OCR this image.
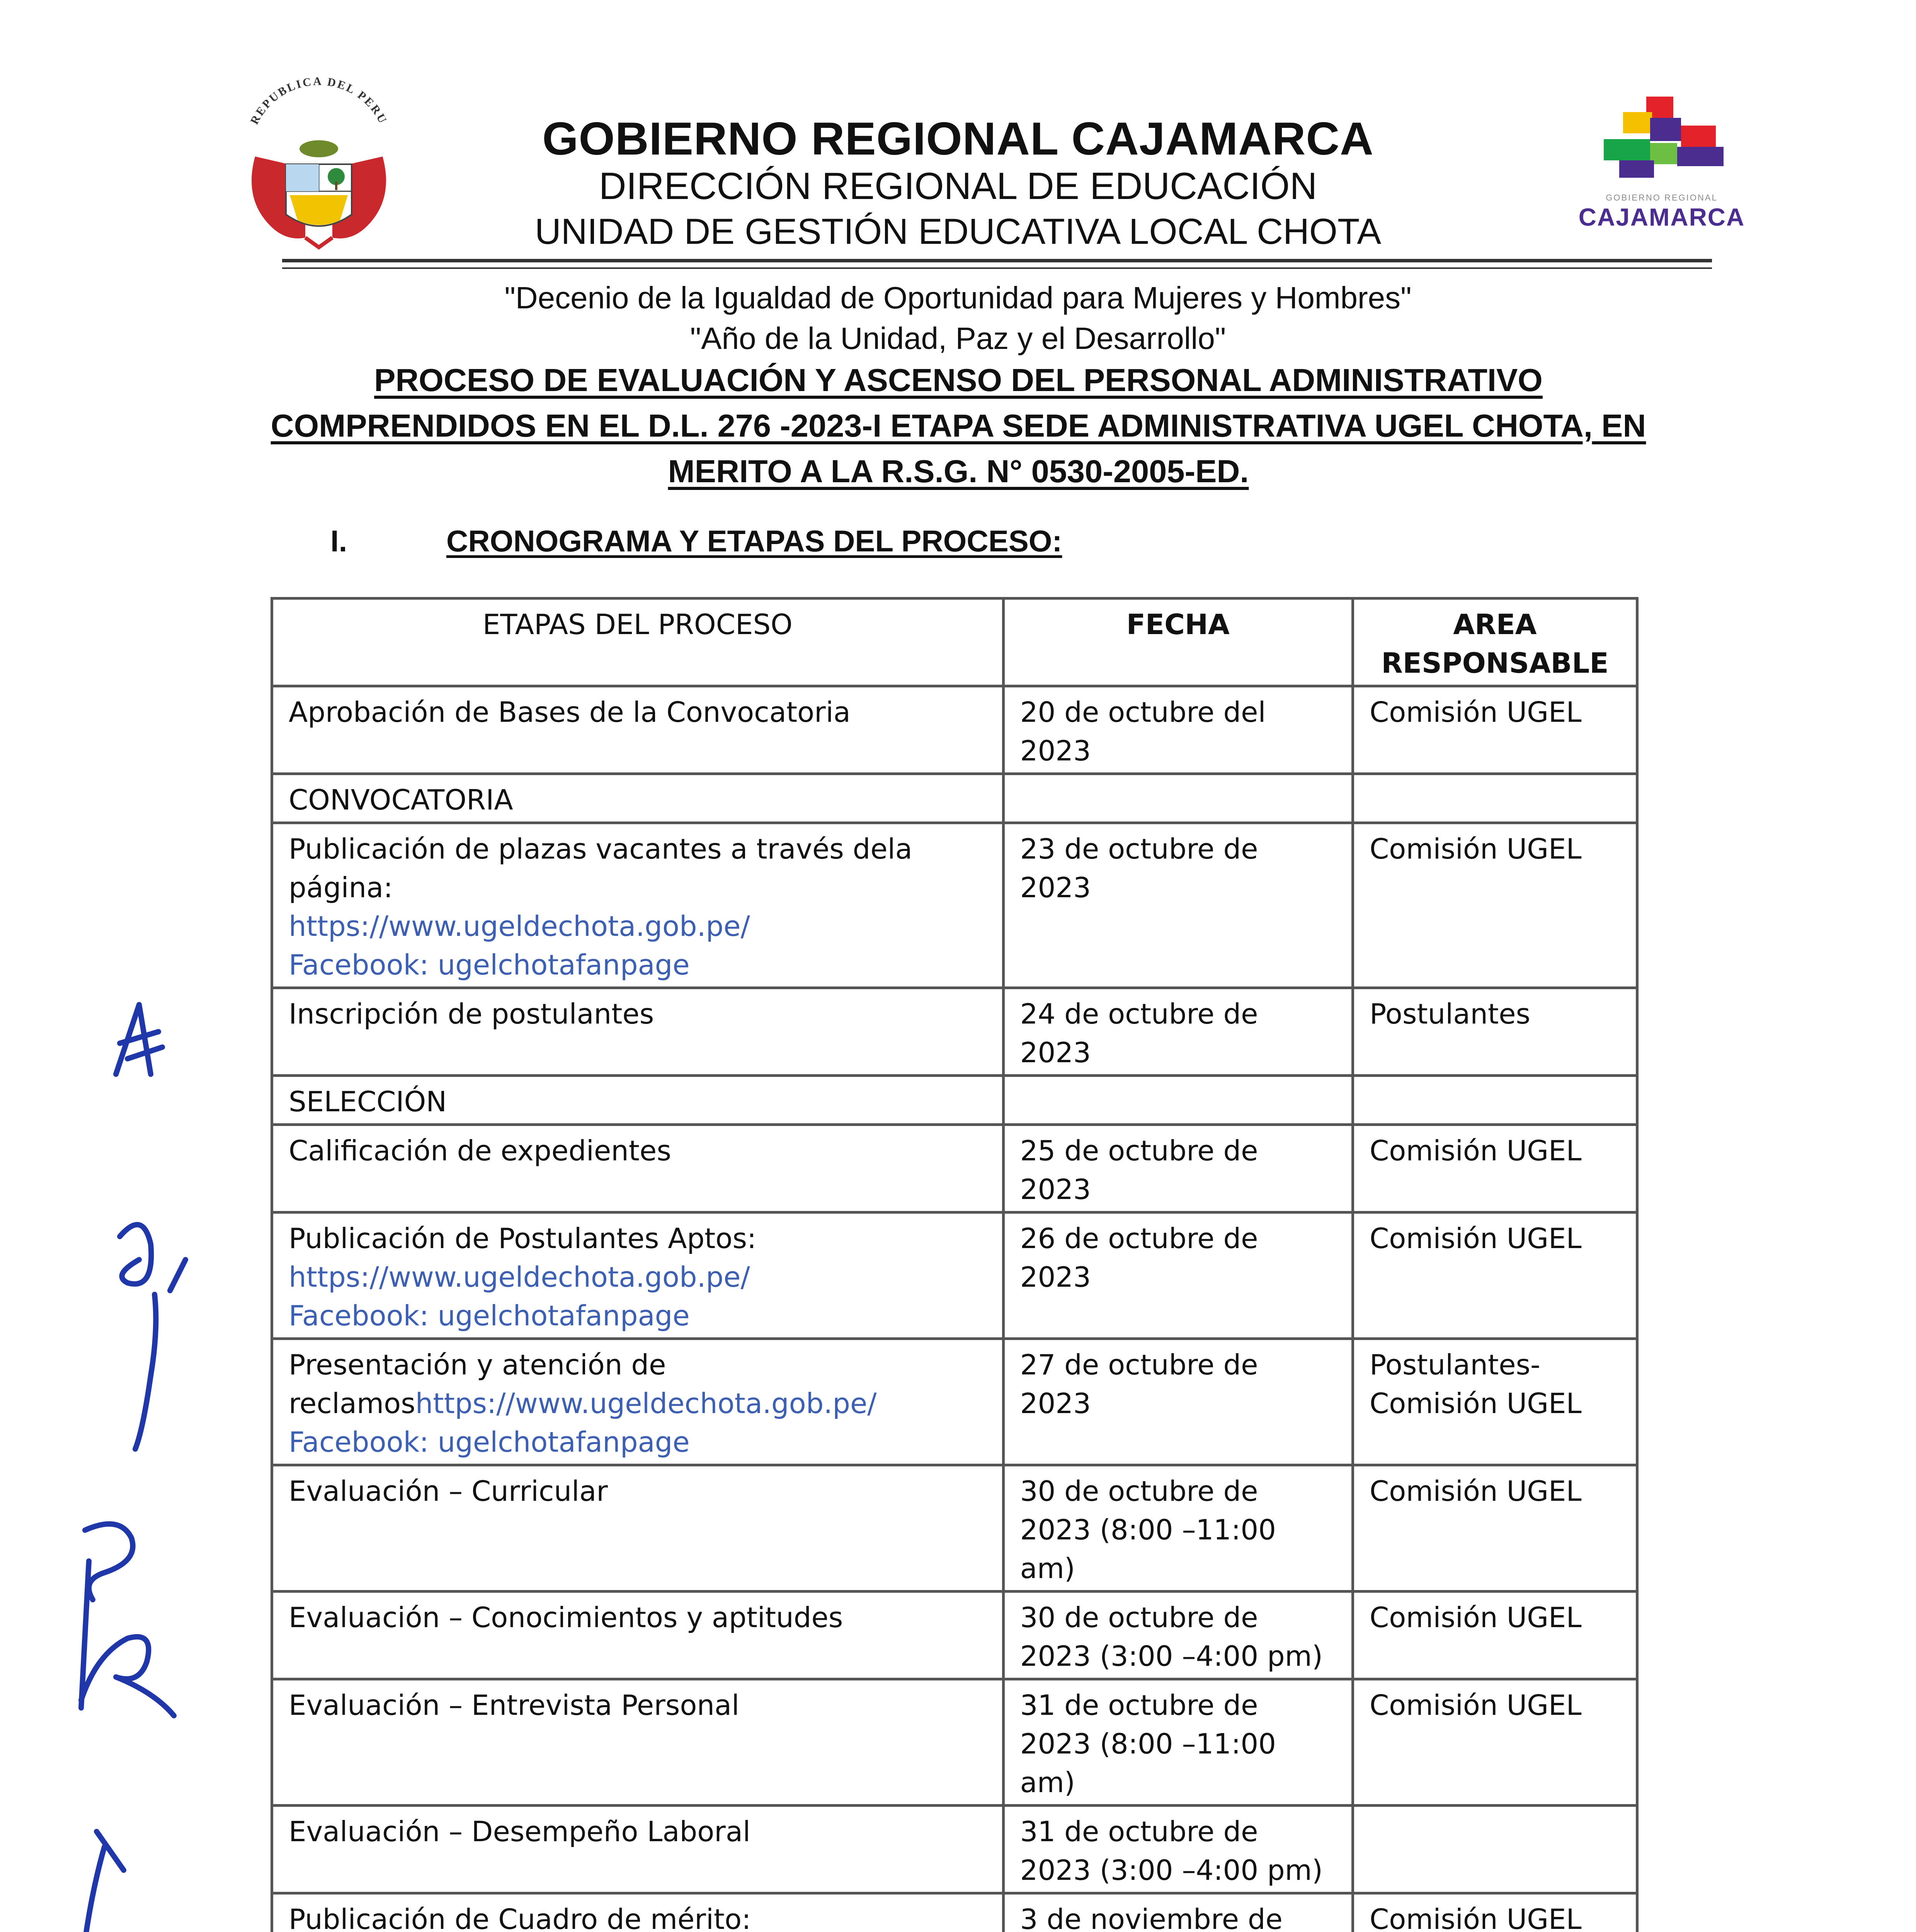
REPUBLICA DEL PERU	GOBIERNO REGIONAL CAJAMARCA
DIRECCIÓN REGIONAL DE EDUCACIÓN
UNIDAD DE GESTIÓN EDUCATIVA LOCAL CHOTA
GOBIERNO REGIONAL
CAJAMARCA
"Decenio de la Igualdad de Oportunidad para Mujeres y Hombres"
"Año de la Unidad, Paz y el Desarrollo"
PROCESO DE EVALUACIÓN Y ASCENSO DEL PERSONAL ADMINISTRATIVO COMPRENDIDOS EN EL D.L. 276 -2023-I ETAPA SEDE ADMINISTRATIVA UGEL CHOTA, EN MERITO A LA R.S.G. N° 0530-2005-ED.
I.	CRONOGRAMA Y ETAPAS DEL PROCESO:
ETAPAS DEL PROCESO	FECHA	AREA RESPONSABLE
Aprobación de Bases de la Convocatoria	20 de octubre del 2023	Comisión UGEL
CONVOCATORIA		
Publicación de plazas vacantes a través dela página:
https://www.ugeldechota.gob.pe/
Facebook: ugelchotafanpage	23 de octubre de 2023	Comisión UGEL
Inscripción de postulantes	24 de octubre de 2023	Postulantes
SELECCIÓN		
Calificación de expedientes	25 de octubre de 2023	Comisión UGEL
Publicación de Postulantes Aptos:
https://www.ugeldechota.gob.pe/
Facebook: ugelchotafanpage	26 de octubre de 2023	Comisión UGEL
Presentación y atención de reclamoshttps://www.ugeldechota.gob.pe/
Facebook: ugelchotafanpage	27 de octubre de 2023	Postulantes-Comisión UGEL
Evaluación – Curricular	30 de octubre de 2023 (8:00 –11:00 am)	Comisión UGEL
Evaluación – Conocimientos y aptitudes	30 de octubre de 2023 (3:00 –4:00 pm)	Comisión UGEL
Evaluación – Entrevista Personal	31 de octubre de 2023 (8:00 –11:00 am)	Comisión UGEL
Evaluación – Desempeño Laboral	31 de octubre de 2023 (3:00 –4:00 pm)	
Publicación de Cuadro de mérito:	3 de noviembre de	Comisión UGEL
